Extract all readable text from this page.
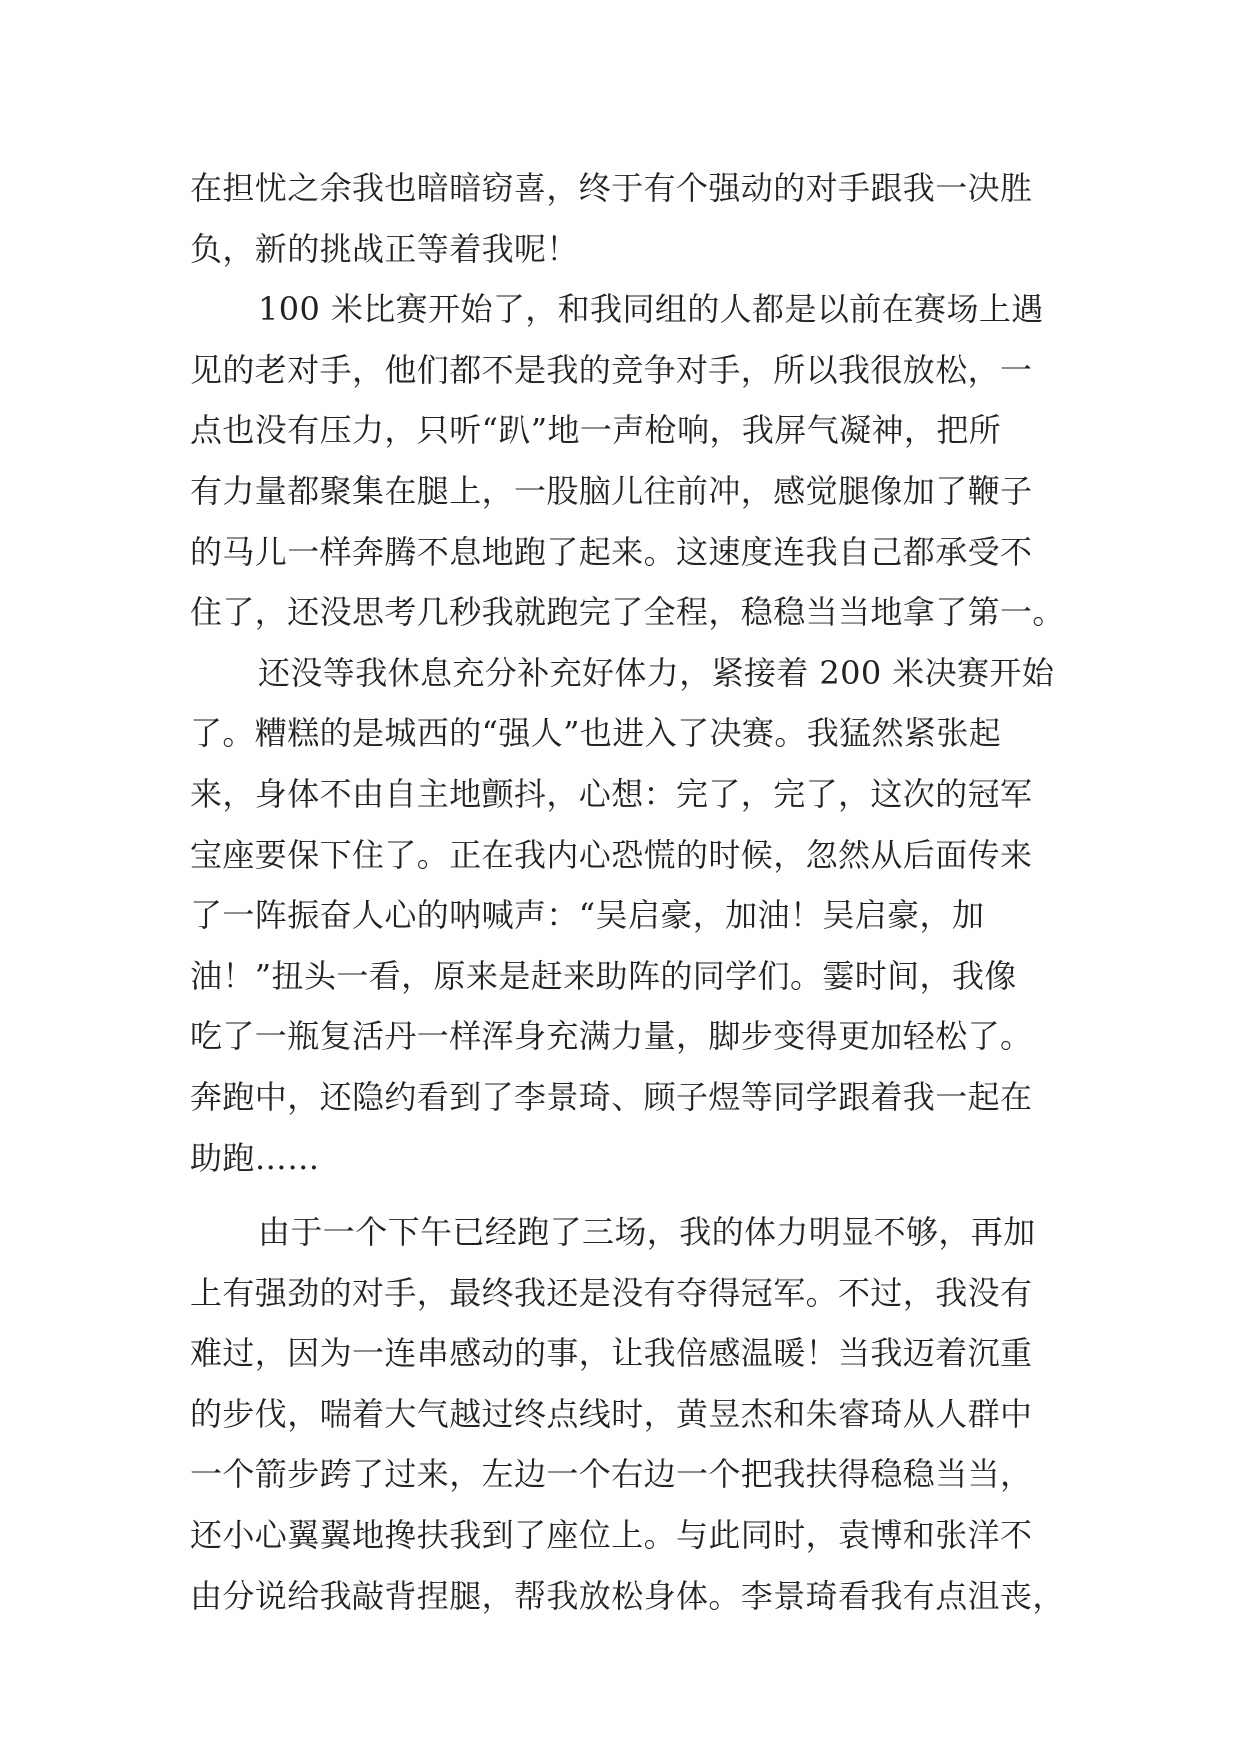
在担忧之余我也暗暗窃喜，终于有个强动的对手跟我一决胜
负，新的挑战正等着我呢！
100 米比赛开始了，和我同组的人都是以前在赛场上遇
见的老对手，他们都不是我的竞争对手，所以我很放松，一
点也没有压力，只听“趴”地一声枪响，我屏气凝神，把所
有力量都聚集在腿上，一股脑儿往前冲，感觉腿像加了鞭子
的马儿一样奔腾不息地跑了起来。这速度连我自己都承受不
住了，还没思考几秒我就跑完了全程，稳稳当当地拿了第一。
还没等我休息充分补充好体力，紧接着 200 米决赛开始
了。糟糕的是城西的“强人”也进入了决赛。我猛然紧张起
来，身体不由自主地颤抖，心想：完了，完了，这次的冠军
宝座要保下住了。正在我内心恐慌的时候，忽然从后面传来
了一阵振奋人心的呐喊声：“吴启豪，加油！吴启豪，加
油！”扭头一看，原来是赶来助阵的同学们。霎时间，我像
吃了一瓶复活丹一样浑身充满力量，脚步变得更加轻松了。
奔跑中，还隐约看到了李景琦、顾子煜等同学跟着我一起在
助跑……
由于一个下午已经跑了三场，我的体力明显不够，再加
上有强劲的对手，最终我还是没有夺得冠军。不过，我没有
难过，因为一连串感动的事，让我倍感温暖！当我迈着沉重
的步伐，喘着大气越过终点线时，黄昱杰和朱睿琦从人群中
一个箭步跨了过来，左边一个右边一个把我扶得稳稳当当，
还小心翼翼地搀扶我到了座位上。与此同时，袁博和张洋不
由分说给我敲背捏腿，帮我放松身体。李景琦看我有点沮丧，
